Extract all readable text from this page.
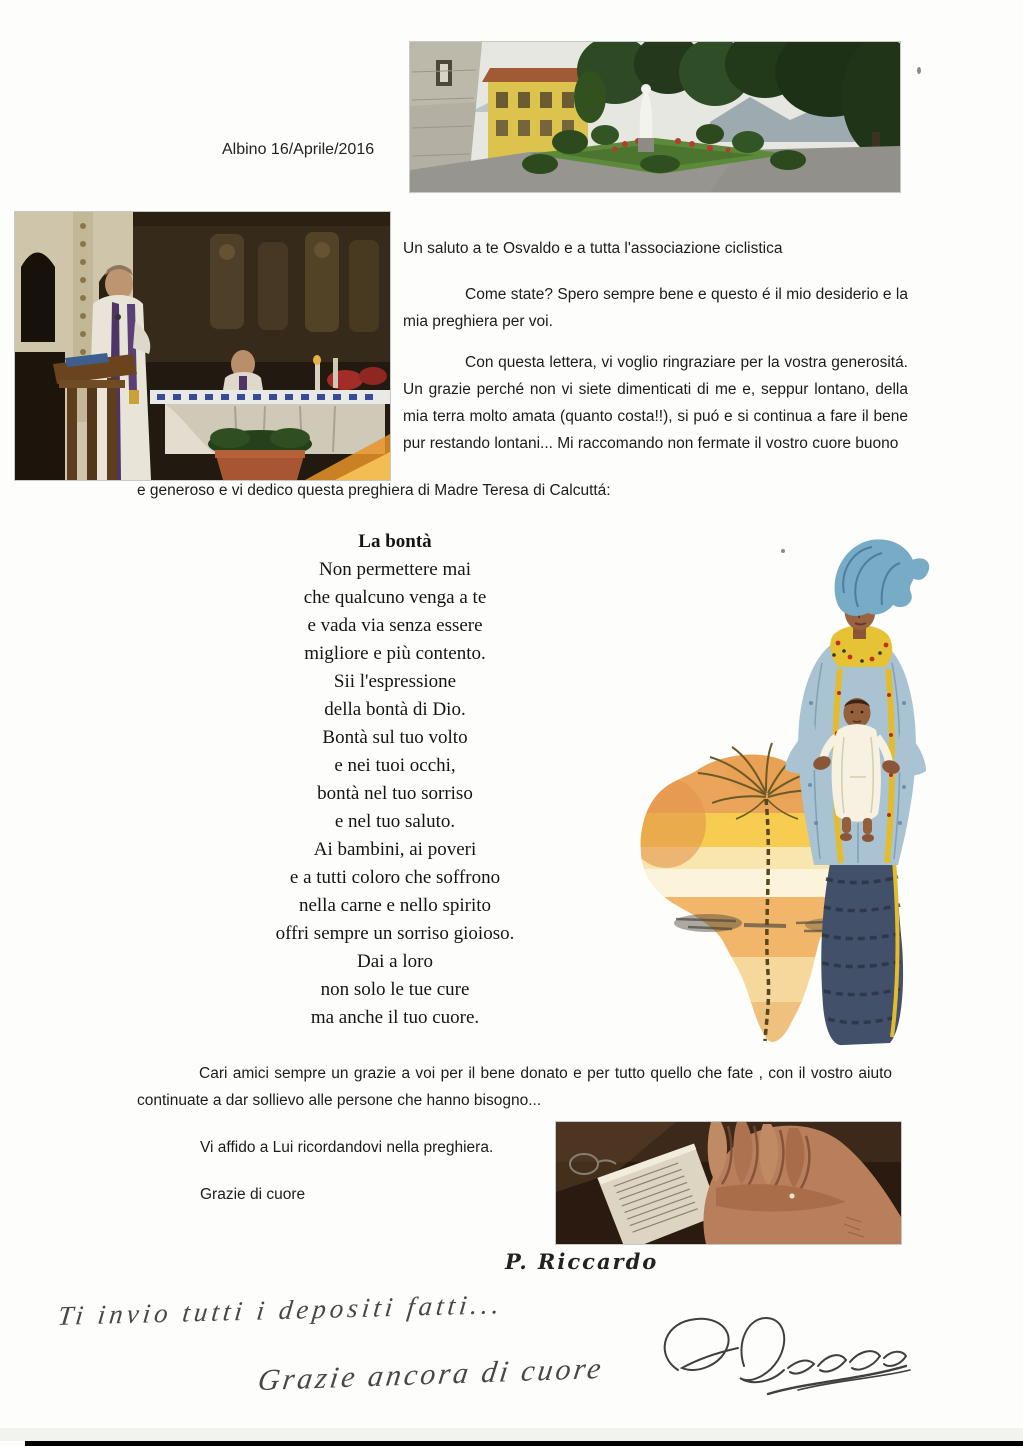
Albino 16/Aprile/2016
Un saluto a te Osvaldo e a tutta l'associazione ciclistica
Come state? Spero sempre bene e questo é il mio desiderio e la mia preghiera per voi.
Con questa lettera, vi voglio ringraziare per la vostra generositá. Un grazie perché non vi siete dimenticati di me e, seppur lontano, della mia terra molto amata (quanto costa!!), si puó e si continua a fare il bene pur restando lontani... Mi raccomando non fermate il vostro cuore buono
e generoso e vi dedico questa preghiera di Madre Teresa di Calcuttá:
La bontà
Non permettere mai
che qualcuno venga a te
e vada via senza essere
migliore e più contento.
Sii l'espressione
della bontà di Dio.
Bontà sul tuo volto
e nei tuoi occhi,
bontà nel tuo sorriso
e nel tuo saluto.
Ai bambini, ai poveri
e a tutti coloro che soffrono
nella carne e nello spirito
offri sempre un sorriso gioioso.
Dai a loro
non solo le tue cure
ma anche il tuo cuore.
Cari amici sempre un grazie a voi per il bene donato e per tutto quello che fate , con il vostro aiuto continuate a dar sollievo alle persone che hanno bisogno...
Vi affido a Lui ricordandovi nella preghiera.
Grazie di cuore
P. Riccardo
Ti invio tutti i depositi fatti...
Grazie ancora di cuore
